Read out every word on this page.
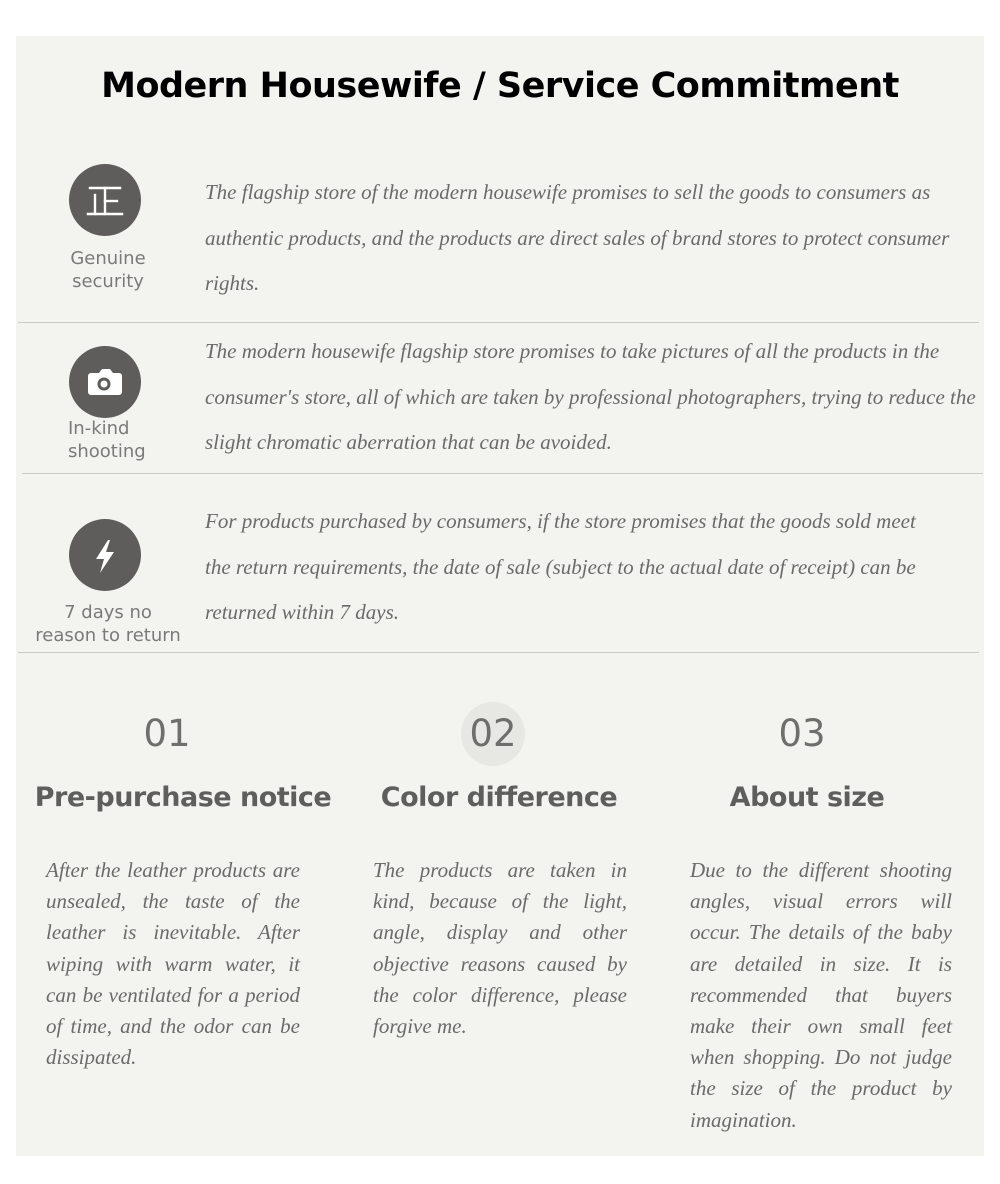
Modern Housewife / Service Commitment
Genuine
security
The flagship store of the modern housewife promises to sell the goods to consumers as authentic products, and the products are direct sales of brand stores to protect consumer rights.
In-kind
shooting
The modern housewife flagship store promises to take pictures of all the products in the consumer's store, all of which are taken by professional photographers, trying to reduce the slight chromatic aberration that can be avoided.
7 days no
reason to return
For products purchased by consumers, if the store promises that the goods sold meet the return requirements, the date of sale (subject to the actual date of receipt) can be returned within 7 days.
01
Pre-purchase notice
After the leather products are unsealed, the taste of the leather is inevitable. After wiping with warm water, it can be ventilated for a period of time, and the odor can be dissipated.
02
Color difference
The products are taken in kind, because of the light, angle, display and other objective reasons caused by the color difference, please forgive me.
03
About size
Due to the different shooting angles, visual errors will occur. The details of the baby are detailed in size. It is recommended that buyers make their own small feet when shopping. Do not judge the size of the product by imagination.
